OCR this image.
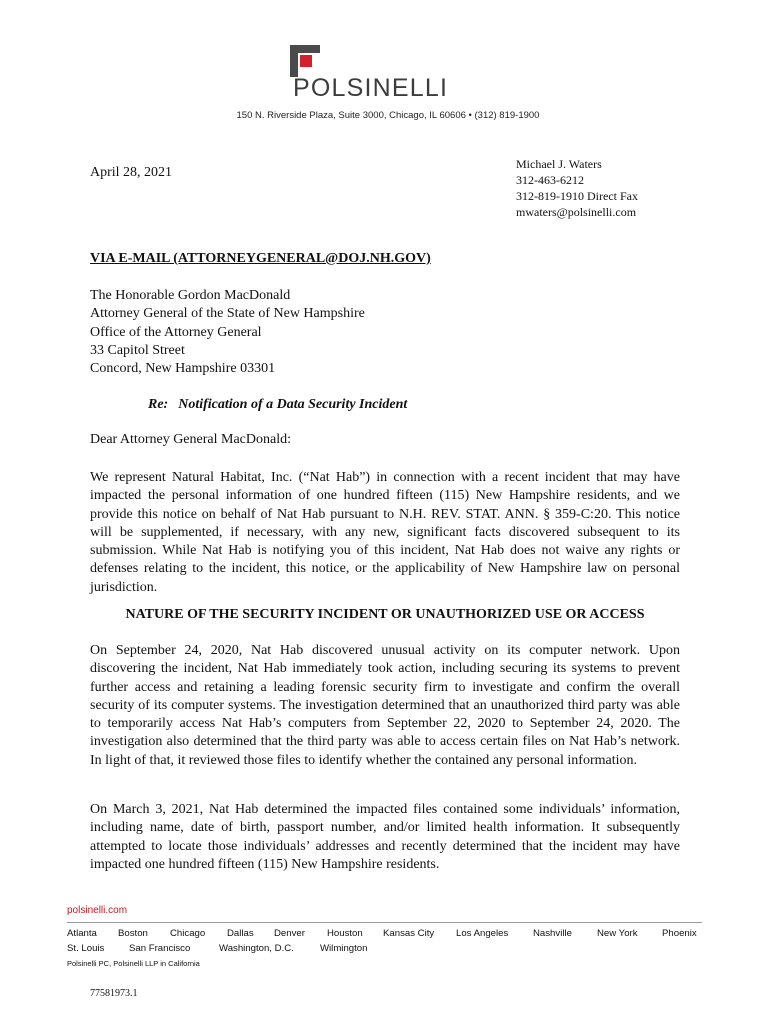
POLSINELLI
150 N. Riverside Plaza, Suite 3000, Chicago, IL 60606 • (312) 819-1900
April 28, 2021
Michael J. Waters
312-463-6212
312-819-1910 Direct Fax
mwaters@polsinelli.com
VIA E-MAIL (ATTORNEYGENERAL@DOJ.NH.GOV)
The Honorable Gordon MacDonald
Attorney General of the State of New Hampshire
Office of the Attorney General
33 Capitol Street
Concord, New Hampshire 03301
Re: Notification of a Data Security Incident
Dear Attorney General MacDonald:
We represent Natural Habitat, Inc. (“Nat Hab”) in connection with a recent incident that may have impacted the personal information of one hundred fifteen (115) New Hampshire residents, and we provide this notice on behalf of Nat Hab pursuant to N.H. REV. STAT. ANN. § 359-C:20. This notice will be supplemented, if necessary, with any new, significant facts discovered subsequent to its submission. While Nat Hab is notifying you of this incident, Nat Hab does not waive any rights or defenses relating to the incident, this notice, or the applicability of New Hampshire law on personal jurisdiction.
NATURE OF THE SECURITY INCIDENT OR UNAUTHORIZED USE OR ACCESS
On September 24, 2020, Nat Hab discovered unusual activity on its computer network. Upon discovering the incident, Nat Hab immediately took action, including securing its systems to prevent further access and retaining a leading forensic security firm to investigate and confirm the overall security of its computer systems. The investigation determined that an unauthorized third party was able to temporarily access Nat Hab’s computers from September 22, 2020 to September 24, 2020. The investigation also determined that the third party was able to access certain files on Nat Hab’s network. In light of that, it reviewed those files to identify whether the contained any personal information.
On March 3, 2021, Nat Hab determined the impacted files contained some individuals’ information, including name, date of birth, passport number, and/or limited health information. It subsequently attempted to locate those individuals’ addresses and recently determined that the incident may have impacted one hundred fifteen (115) New Hampshire residents.
polsinelli.com
Atlanta Boston Chicago Dallas Denver Houston Kansas City Los Angeles	Nashville	New York	Phoenix
St. Louis	San Francisco	Washington, D.C.	Wilmington
Polsinelli PC, Polsinelli LLP in California
77581973.1
